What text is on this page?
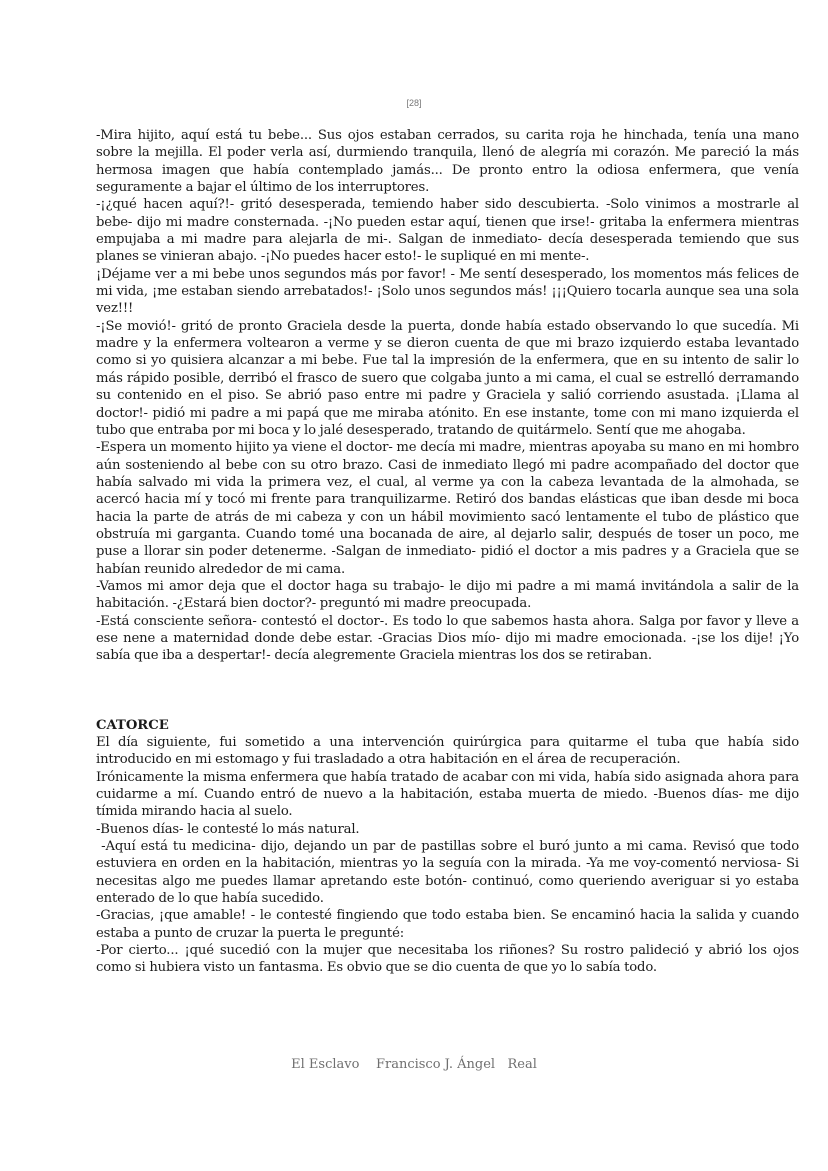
[28]

-Mira hijito, aquí está tu bebe... Sus ojos estaban cerrados, su carita roja he hinchada, tenía una mano sobre la mejilla. El poder verla así, durmiendo tranquila, llenó de alegría mi corazón. Me pareció la más hermosa imagen que había contemplado jamás... De pronto entro la odiosa enfermera, que venía seguramente a bajar el último de los interruptores.

-¡¿qué hacen aquí?!- gritó desesperada, temiendo haber sido descubierta. -Solo vinimos a mostrarle al bebe- dijo mi madre consternada. -¡No pueden estar aquí, tienen que irse!- gritaba la enfermera mientras empujaba a mi madre para alejarla de mi-. Salgan de inmediato- decía desesperada temiendo que sus planes se vinieran abajo. -¡No puedes hacer esto!- le supliqué en mi mente-.

¡Déjame ver a mi bebe unos segundos más por favor! - Me sentí desesperado, los momentos más felices de mi vida, ¡me estaban siendo arrebatados!- ¡Solo unos segundos más! ¡¡¡Quiero tocarla aunque sea una sola vez!!!

-¡Se movió!- gritó de pronto Graciela desde la puerta, donde había estado observando lo que sucedía. Mi madre y la enfermera voltearon a verme y se dieron cuenta de que mi brazo izquierdo estaba levantado como si yo quisiera alcanzar a mi bebe. Fue tal la impresión de la enfermera, que en su intento de salir lo más rápido posible, derribó el frasco de suero que colgaba junto a mi cama, el cual se estrelló derramando su contenido en el piso. Se abrió paso entre mi padre y Graciela y salió corriendo asustada. ¡Llama al doctor!- pidió mi padre a mi papá que me miraba atónito. En ese instante, tome con mi mano izquierda el tubo que entraba por mi boca y lo jalé desesperado, tratando de quitármelo. Sentí que me ahogaba.

-Espera un momento hijito ya viene el doctor- me decía mi madre, mientras apoyaba su mano en mi hombro aún sosteniendo al bebe con su otro brazo. Casi de inmediato llegó mi padre acompañado del doctor que había salvado mi vida la primera vez, el cual, al verme ya con la cabeza levantada de la almohada, se acercó hacia mí y tocó mi frente para tranquilizarme. Retiró dos bandas elásticas que iban desde mi boca hacia la parte de atrás de mi cabeza y con un hábil movimiento sacó lentamente el tubo de plástico que obstruía mi garganta. Cuando tomé una bocanada de aire, al dejarlo salir, después de toser un poco, me puse a llorar sin poder detenerme. -Salgan de inmediato- pidió el doctor a mis padres y a Graciela que se habían reunido alrededor de mi cama.

-Vamos mi amor deja que el doctor haga su trabajo- le dijo mi padre a mi mamá invitándola a salir de la habitación. -¿Estará bien doctor?- preguntó mi madre preocupada.

-Está consciente señora- contestó el doctor-. Es todo lo que sabemos hasta ahora. Salga por favor y lleve a ese nene a maternidad donde debe estar. -Gracias Dios mío- dijo mi madre emocionada. -¡se los dije! ¡Yo sabía que iba a despertar!- decía alegremente Graciela mientras los dos se retiraban.

CATORCE

El día siguiente, fui sometido a una intervención quirúrgica para quitarme el tuba que había sido introducido en mi estomago y fui trasladado a otra habitación en el área de recuperación.

Irónicamente la misma enfermera que había tratado de acabar con mi vida, había sido asignada ahora para cuidarme a mí. Cuando entró de nuevo a la habitación, estaba muerta de miedo. -Buenos días- me dijo tímida mirando hacia al suelo.

-Buenos días- le contesté lo más natural.

-Aquí está tu medicina- dijo, dejando un par de pastillas sobre el buró junto a mi cama. Revisó que todo estuviera en orden en la habitación, mientras yo la seguía con la mirada. -Ya me voy-comentó nerviosa- Si necesitas algo me puedes llamar apretando este botón- continuó, como queriendo averiguar si yo estaba enterado de lo que había sucedido.

-Gracias, ¡que amable! - le contesté fingiendo que todo estaba bien. Se encaminó hacia la salida y cuando estaba a punto de cruzar la puerta le pregunté:

-Por cierto... ¡qué sucedió con la mujer que necesitaba los riñones? Su rostro palideció y abrió los ojos como si hubiera visto un fantasma. Es obvio que se dio cuenta de que yo lo sabía todo.

El Esclavo Francisco J. Ángel   Real
